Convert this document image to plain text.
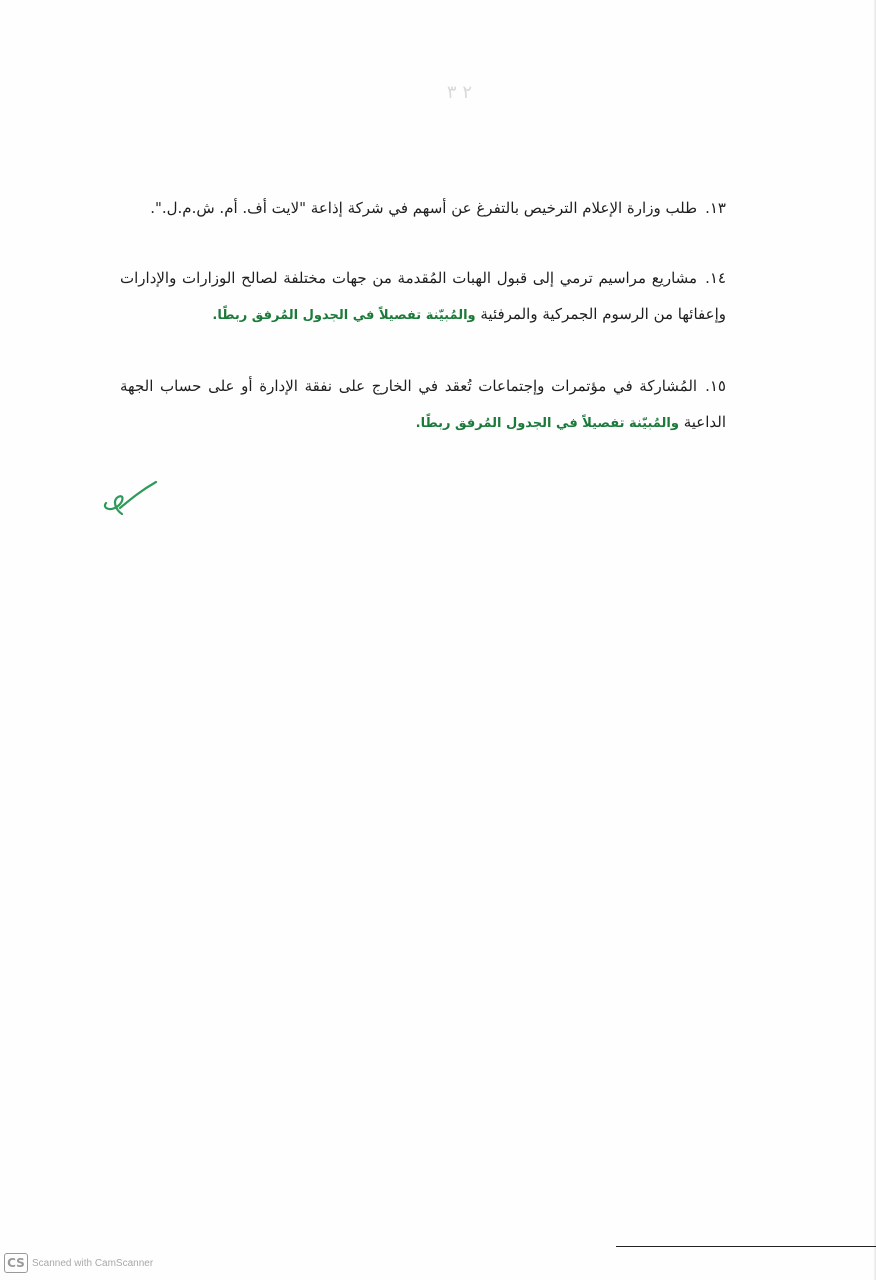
٢ ٣

١٣.طلب وزارة الإعلام الترخيص بالتفرغ عن أسهم في شركة إذاعة "لايت أف. أم. ش.م.ل.".

١٤.مشاريع مراسيم ترمي إلى قبول الهبات المُقدمة من جهات مختلفة لصالح الوزارات والإدارات وإعفائها من الرسوم الجمركية والمرفئية والمُبيّنة تفصيلاً في الجدول المُرفق ربطًا.

١٥.المُشاركة في مؤتمرات وإجتماعات تُعقد في الخارج على نفقة الإدارة أو على حساب الجهة الداعية والمُبيّنة تفصيلاً في الجدول المُرفق ربطًا.

CS Scanned with CamScanner
